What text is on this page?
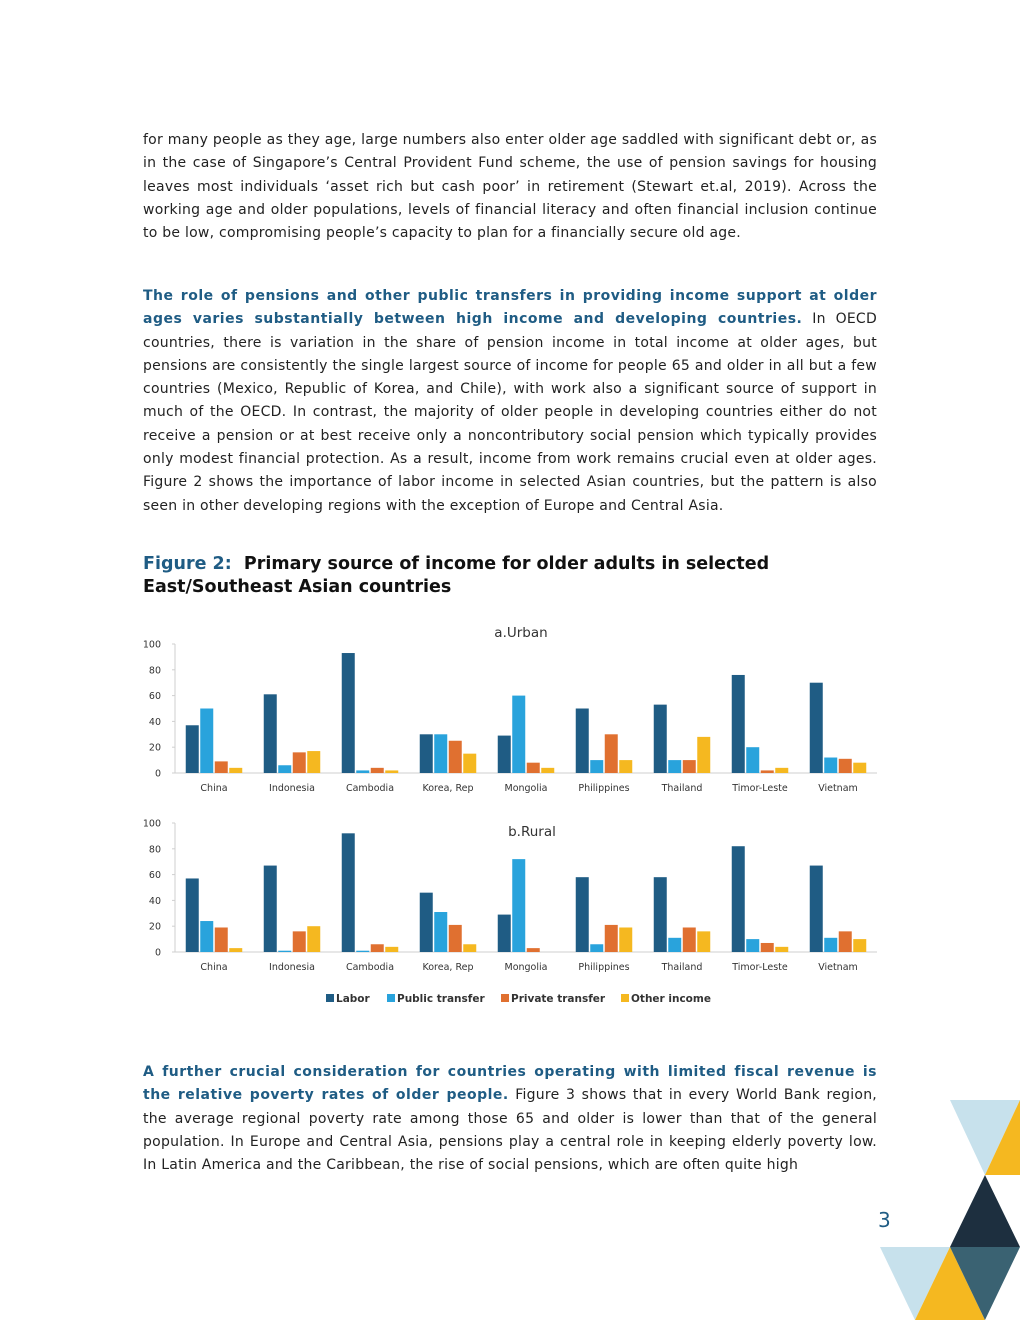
for many people as they age, large numbers also enter older age saddled with significant debt or, as in the case of Singapore’s Central Provident Fund scheme, the use of pension savings for housing leaves most individuals ‘asset rich but cash poor’ in retirement (Stewart et.al, 2019). Across the working age and older populations, levels of financial literacy and often financial inclusion continue to be low, compromising people’s capacity to plan for a financially secure old age.

The role of pensions and other public transfers in providing income support at older ages varies substantially between high income and developing countries. In OECD countries, there is variation in the share of pension income in total income at older ages, but pensions are consistently the single largest source of income for people 65 and older in all but a few countries (Mexico, Republic of Korea, and Chile), with work also a significant source of support in much of the OECD. In contrast, the majority of older people in developing countries either do not receive a pension or at best receive only a noncontributory social pension which typically provides only modest financial protection. As a result, income from work remains crucial even at older ages. Figure 2 shows the importance of labor income in selected Asian countries, but the pattern is also seen in other developing regions with the exception of Europe and Central Asia.

Figure 2: Primary source of income for older adults in selected East/Southeast Asian countries
Labor	Public transfer	Private transfer Other income
0
20
40
60
80
100
a.Urban
China	Indonesia	Cambodia	Korea, Rep	Mongolia	Philippines	Thailand	Timor-Leste	Vietnam
0
20
40
60
80
100	b.Rural
China	Indonesia	Cambodia	Korea, Rep	Mongolia	Philippines	Thailand	Timor-Leste	Vietnam

A further crucial consideration for countries operating with limited fiscal revenue is the relative poverty rates of older people. Figure 3 shows that in every World Bank region, the average regional poverty rate among those 65 and older is lower than that of the general population. In Europe and Central Asia, pensions play a central role in keeping elderly poverty low. In Latin America and the Caribbean, the rise of social pensions, which are often quite high

3
